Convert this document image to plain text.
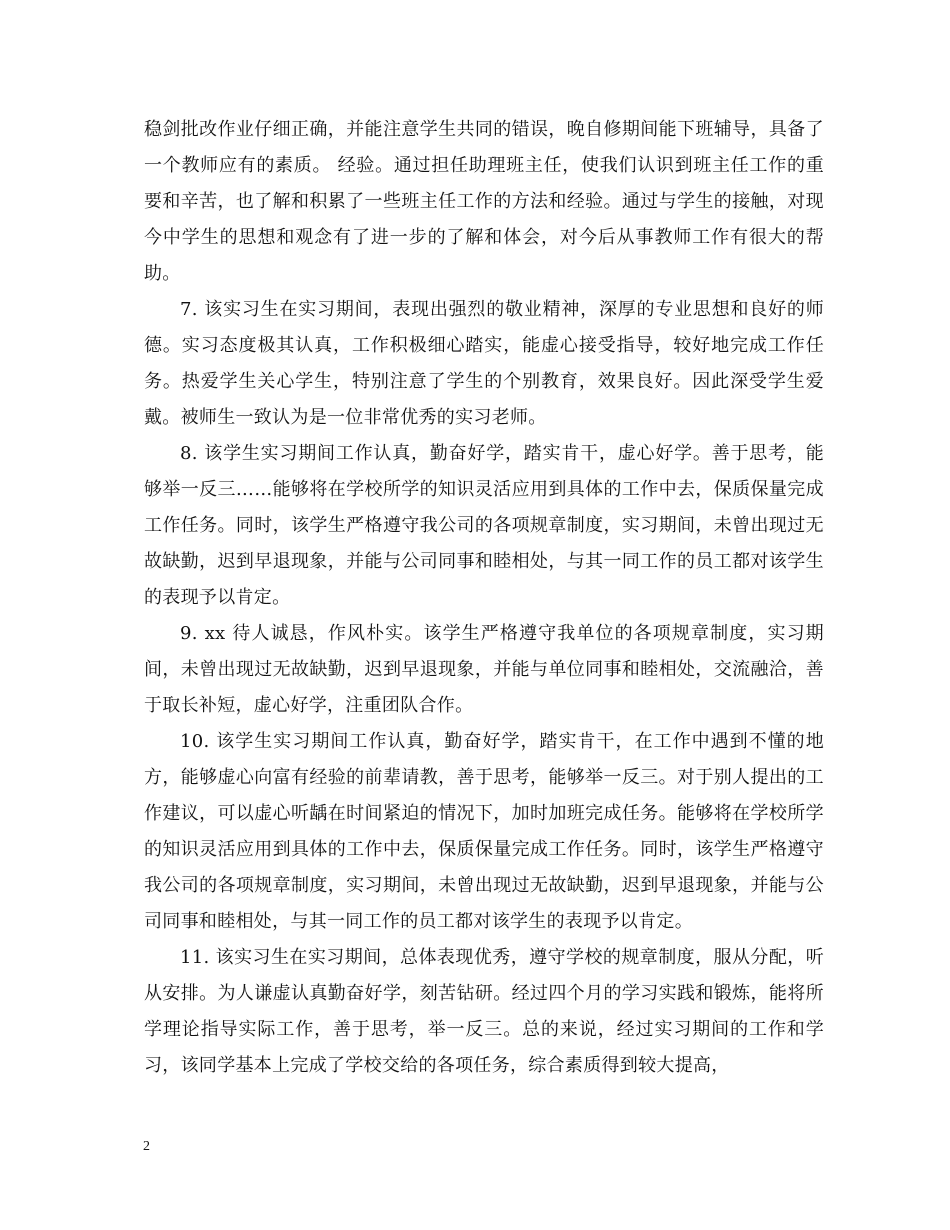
稳剑批改作业仔细正确，并能注意学生共同的错误，晚自修期间能下班辅导，具备了一个教师应有的素质。 经验。通过担任助理班主任，使我们认识到班主任工作的重要和辛苦，也了解和积累了一些班主任工作的方法和经验。通过与学生的接触，对现今中学生的思想和观念有了进一步的了解和体会，对今后从事教师工作有很大的帮助。

7. 该实习生在实习期间，表现出强烈的敬业精神，深厚的专业思想和良好的师德。实习态度极其认真，工作积极细心踏实，能虚心接受指导，较好地完成工作任务。热爱学生关心学生，特别注意了学生的个别教育，效果良好。因此深受学生爱戴。被师生一致认为是一位非常优秀的实习老师。

8. 该学生实习期间工作认真，勤奋好学，踏实肯干，虚心好学。善于思考，能够举一反三……能够将在学校所学的知识灵活应用到具体的工作中去，保质保量完成工作任务。同时，该学生严格遵守我公司的各项规章制度，实习期间，未曾出现过无故缺勤，迟到早退现象，并能与公司同事和睦相处，与其一同工作的员工都对该学生的表现予以肯定。

9. xx 待人诚恳，作风朴实。该学生严格遵守我单位的各项规章制度，实习期间，未曾出现过无故缺勤，迟到早退现象，并能与单位同事和睦相处，交流融洽，善于取长补短，虚心好学，注重团队合作。

10. 该学生实习期间工作认真，勤奋好学，踏实肯干，在工作中遇到不懂的地方，能够虚心向富有经验的前辈请教，善于思考，能够举一反三。对于别人提出的工作建议，可以虚心听龋在时间紧迫的情况下，加时加班完成任务。能够将在学校所学的知识灵活应用到具体的工作中去，保质保量完成工作任务。同时，该学生严格遵守我公司的各项规章制度，实习期间，未曾出现过无故缺勤，迟到早退现象，并能与公司同事和睦相处，与其一同工作的员工都对该学生的表现予以肯定。

11. 该实习生在实习期间，总体表现优秀，遵守学校的规章制度，服从分配，听从安排。为人谦虚认真勤奋好学，刻苦钻研。经过四个月的学习实践和锻炼，能将所学理论指导实际工作，善于思考，举一反三。总的来说，经过实习期间的工作和学习，该同学基本上完成了学校交给的各项任务，综合素质得到较大提高，

2
